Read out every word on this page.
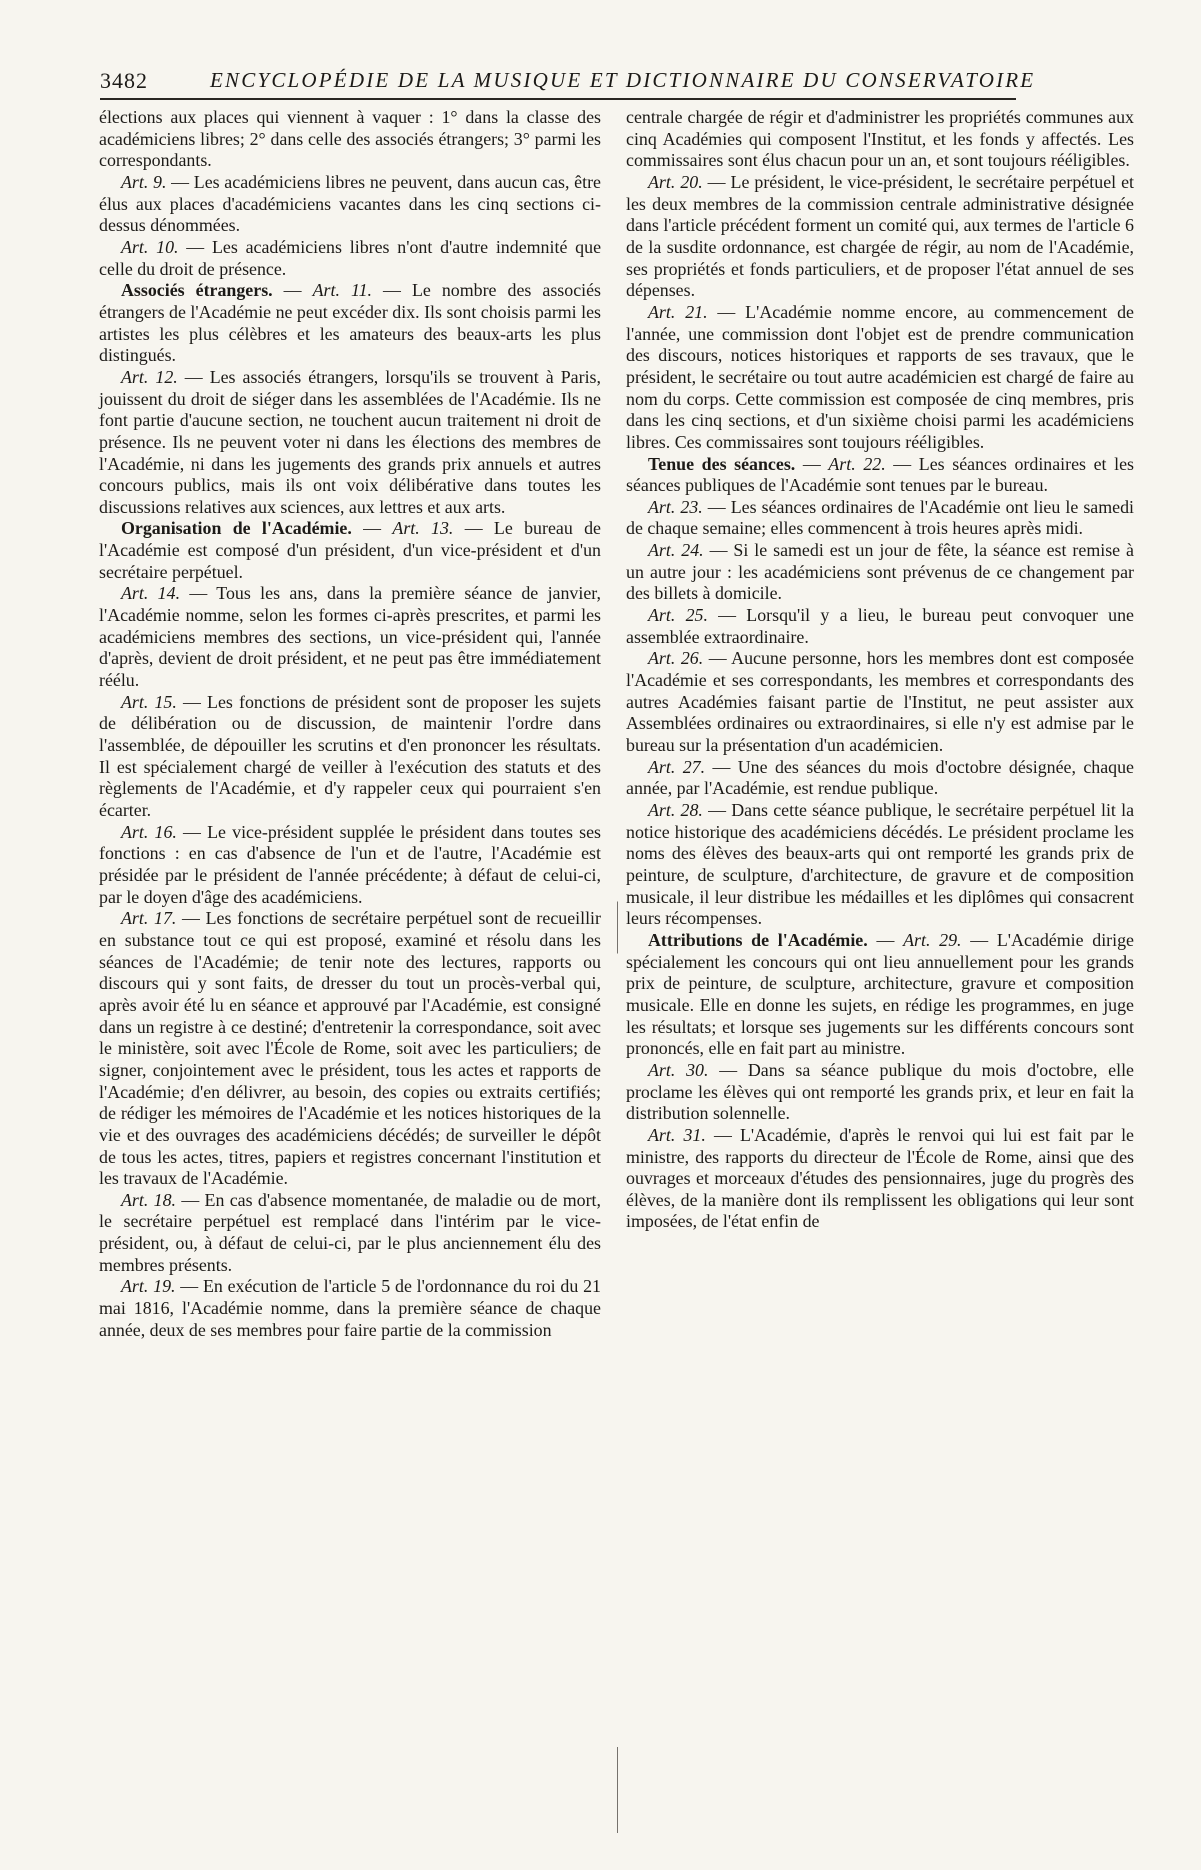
3482	ENCYCLOPÉDIE DE LA MUSIQUE ET DICTIONNAIRE DU CONSERVATOIRE

élections aux places qui viennent à vaquer : 1° dans la classe des académiciens libres; 2° dans celle des associés étrangers; 3° parmi les correspondants.

Art. 9. — Les académiciens libres ne peuvent, dans aucun cas, être élus aux places d'académiciens vacantes dans les cinq sections ci-dessus dénommées.

Art. 10. — Les académiciens libres n'ont d'autre indemnité que celle du droit de présence.

Associés étrangers. — Art. 11. — Le nombre des associés étrangers de l'Académie ne peut excéder dix. Ils sont choisis parmi les artistes les plus célèbres et les amateurs des beaux-arts les plus distingués.

Art. 12. — Les associés étrangers, lorsqu'ils se trouvent à Paris, jouissent du droit de siéger dans les assemblées de l'Académie. Ils ne font partie d'aucune section, ne touchent aucun traitement ni droit de présence. Ils ne peuvent voter ni dans les élections des membres de l'Académie, ni dans les jugements des grands prix annuels et autres concours publics, mais ils ont voix délibérative dans toutes les discussions relatives aux sciences, aux lettres et aux arts.

Organisation de l'Académie. — Art. 13. — Le bureau de l'Académie est composé d'un président, d'un vice-président et d'un secrétaire perpétuel.

Art. 14. — Tous les ans, dans la première séance de janvier, l'Académie nomme, selon les formes ci-après prescrites, et parmi les académiciens membres des sections, un vice-président qui, l'année d'après, devient de droit président, et ne peut pas être immédiatement réélu.

Art. 15. — Les fonctions de président sont de proposer les sujets de délibération ou de discussion, de maintenir l'ordre dans l'assemblée, de dépouiller les scrutins et d'en prononcer les résultats. Il est spécialement chargé de veiller à l'exécution des statuts et des règlements de l'Académie, et d'y rappeler ceux qui pourraient s'en écarter.

Art. 16. — Le vice-président supplée le président dans toutes ses fonctions : en cas d'absence de l'un et de l'autre, l'Académie est présidée par le président de l'année précédente; à défaut de celui-ci, par le doyen d'âge des académiciens.

Art. 17. — Les fonctions de secrétaire perpétuel sont de recueillir en substance tout ce qui est proposé, examiné et résolu dans les séances de l'Académie; de tenir note des lectures, rapports ou discours qui y sont faits, de dresser du tout un procès-verbal qui, après avoir été lu en séance et approuvé par l'Académie, est consigné dans un registre à ce destiné; d'entretenir la correspondance, soit avec le ministère, soit avec l'École de Rome, soit avec les particuliers; de signer, conjointement avec le président, tous les actes et rapports de l'Académie; d'en délivrer, au besoin, des copies ou extraits certifiés; de rédiger les mémoires de l'Académie et les notices historiques de la vie et des ouvrages des académiciens décédés; de surveiller le dépôt de tous les actes, titres, papiers et registres concernant l'institution et les travaux de l'Académie.

Art. 18. — En cas d'absence momentanée, de maladie ou de mort, le secrétaire perpétuel est remplacé dans l'intérim par le vice-président, ou, à défaut de celui-ci, par le plus anciennement élu des membres présents.

Art. 19. — En exécution de l'article 5 de l'ordonnance du roi du 21 mai 1816, l'Académie nomme, dans la première séance de chaque année, deux de ses membres pour faire partie de la commission

centrale chargée de régir et d'administrer les propriétés communes aux cinq Académies qui composent l'Institut, et les fonds y affectés. Les commissaires sont élus chacun pour un an, et sont toujours rééligibles.

Art. 20. — Le président, le vice-président, le secrétaire perpétuel et les deux membres de la commission centrale administrative désignée dans l'article précédent forment un comité qui, aux termes de l'article 6 de la susdite ordonnance, est chargée de régir, au nom de l'Académie, ses propriétés et fonds particuliers, et de proposer l'état annuel de ses dépenses.

Art. 21. — L'Académie nomme encore, au commencement de l'année, une commission dont l'objet est de prendre communication des discours, notices historiques et rapports de ses travaux, que le président, le secrétaire ou tout autre académicien est chargé de faire au nom du corps. Cette commission est composée de cinq membres, pris dans les cinq sections, et d'un sixième choisi parmi les académiciens libres. Ces commissaires sont toujours rééligibles.

Tenue des séances. — Art. 22. — Les séances ordinaires et les séances publiques de l'Académie sont tenues par le bureau.

Art. 23. — Les séances ordinaires de l'Académie ont lieu le samedi de chaque semaine; elles commencent à trois heures après midi.

Art. 24. — Si le samedi est un jour de fête, la séance est remise à un autre jour : les académiciens sont prévenus de ce changement par des billets à domicile.

Art. 25. — Lorsqu'il y a lieu, le bureau peut convoquer une assemblée extraordinaire.

Art. 26. — Aucune personne, hors les membres dont est composée l'Académie et ses correspondants, les membres et correspondants des autres Académies faisant partie de l'Institut, ne peut assister aux Assemblées ordinaires ou extraordinaires, si elle n'y est admise par le bureau sur la présentation d'un académicien.

Art. 27. — Une des séances du mois d'octobre désignée, chaque année, par l'Académie, est rendue publique.

Art. 28. — Dans cette séance publique, le secrétaire perpétuel lit la notice historique des académiciens décédés. Le président proclame les noms des élèves des beaux-arts qui ont remporté les grands prix de peinture, de sculpture, d'architecture, de gravure et de composition musicale, il leur distribue les médailles et les diplômes qui consacrent leurs récompenses.

Attributions de l'Académie. — Art. 29. — L'Académie dirige spécialement les concours qui ont lieu annuellement pour les grands prix de peinture, de sculpture, architecture, gravure et composition musicale. Elle en donne les sujets, en rédige les programmes, en juge les résultats; et lorsque ses jugements sur les différents concours sont prononcés, elle en fait part au ministre.

Art. 30. — Dans sa séance publique du mois d'octobre, elle proclame les élèves qui ont remporté les grands prix, et leur en fait la distribution solennelle.

Art. 31. — L'Académie, d'après le renvoi qui lui est fait par le ministre, des rapports du directeur de l'École de Rome, ainsi que des ouvrages et morceaux d'études des pensionnaires, juge du progrès des élèves, de la manière dont ils remplissent les obligations qui leur sont imposées, de l'état enfin de
